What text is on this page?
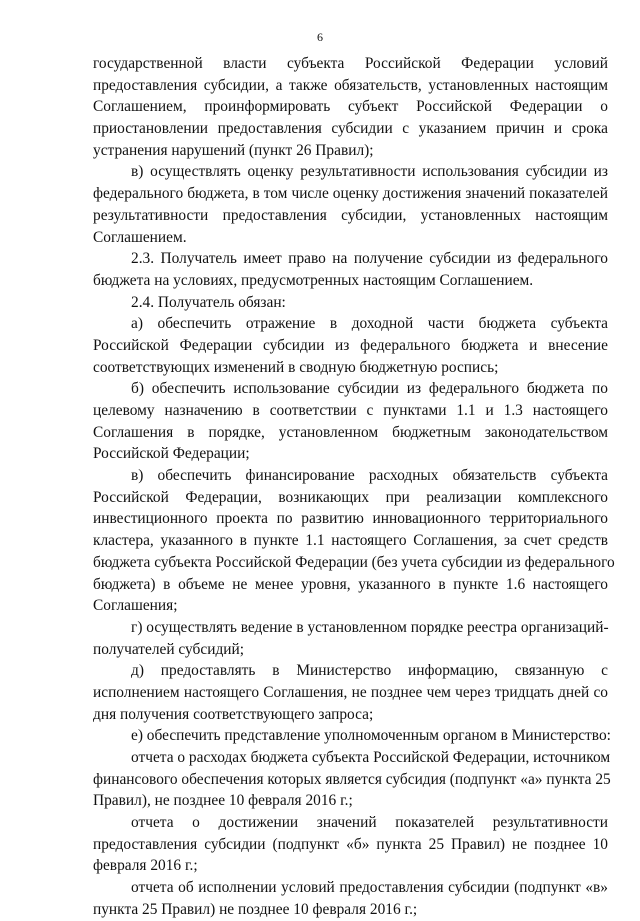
6
государственной власти субъекта Российской Федерации условий
предоставления субсидии, а также обязательств, установленных настоящим
Соглашением, проинформировать субъект Российской Федерации о
приостановлении предоставления субсидии с указанием причин и срока
устранения нарушений (пункт 26 Правил);
в) осуществлять оценку результативности использования субсидии из
федерального бюджета, в том числе оценку достижения значений показателей
результативности предоставления субсидии, установленных настоящим
Соглашением.
2.3. Получатель имеет право на получение субсидии из федерального
бюджета на условиях, предусмотренных настоящим Соглашением.
2.4. Получатель обязан:
а) обеспечить отражение в доходной части бюджета субъекта
Российской Федерации субсидии из федерального бюджета и внесение
соответствующих изменений в сводную бюджетную роспись;
б) обеспечить использование субсидии из федерального бюджета по
целевому назначению в соответствии с пунктами 1.1 и 1.3 настоящего
Соглашения в порядке, установленном бюджетным законодательством
Российской Федерации;
в) обеспечить финансирование расходных обязательств субъекта
Российской Федерации, возникающих при реализации комплексного
инвестиционного проекта по развитию инновационного территориального
кластера, указанного в пункте 1.1 настоящего Соглашения, за счет средств
бюджета субъекта Российской Федерации (без учета субсидии из федерального
бюджета) в объеме не менее уровня, указанного в пункте 1.6 настоящего
Соглашения;
г) осуществлять ведение в установленном порядке реестра организаций-
получателей субсидий;
д) предоставлять в Министерство информацию, связанную с
исполнением настоящего Соглашения, не позднее чем через тридцать дней со
дня получения соответствующего запроса;
е) обеспечить представление уполномоченным органом в Министерство:
отчета о расходах бюджета субъекта Российской Федерации, источником
финансового обеспечения которых является субсидия (подпункт «а» пункта 25
Правил), не позднее 10 февраля 2016 г.;
отчета о достижении значений показателей результативности
предоставления субсидии (подпункт «б» пункта 25 Правил) не позднее 10
февраля 2016 г.;
отчета об исполнении условий предоставления субсидии (подпункт «в»
пункта 25 Правил) не позднее 10 февраля 2016 г.;
